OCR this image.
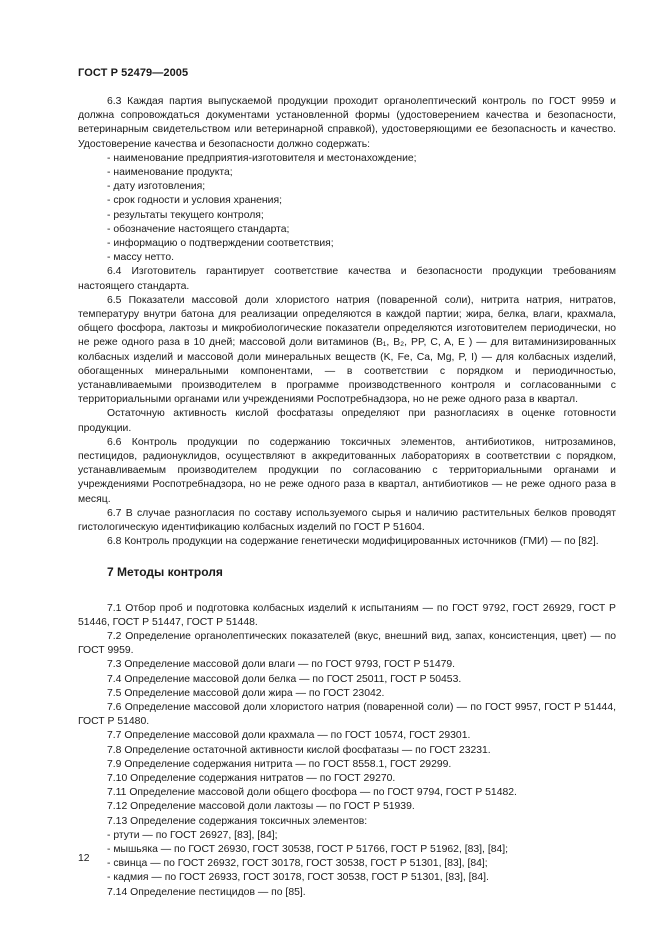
ГОСТ Р 52479—2005
6.3 Каждая партия выпускаемой продукции проходит органолептический контроль по ГОСТ 9959 и должна сопровождаться документами установленной формы (удостоверением качества и безопасности, ветеринарным свидетельством или ветеринарной справкой), удостоверяющими ее безопасность и качество. Удостоверение качества и безопасности должно содержать:
- наименование предприятия-изготовителя и местонахождение;
- наименование продукта;
- дату изготовления;
- срок годности и условия хранения;
- результаты текущего контроля;
- обозначение настоящего стандарта;
- информацию о подтверждении соответствия;
- массу нетто.
6.4 Изготовитель гарантирует соответствие качества и безопасности продукции требованиям настоящего стандарта.
6.5 Показатели массовой доли хлористого натрия (поваренной соли), нитрита натрия, нитратов, температуру внутри батона для реализации определяются в каждой партии; жира, белка, влаги, крахмала, общего фосфора, лактозы и микробиологические показатели определяются изготовителем периодически, но не реже одного раза в 10 дней; массовой доли витаминов (B₁, B₂, PP, C, A, E ) — для витаминизированных колбасных изделий и массовой доли минеральных веществ (K, Fe, Ca, Mg, P, I) — для колбасных изделий, обогащенных минеральными компонентами, — в соответствии с порядком и периодичностью, устанавливаемыми производителем в программе производственного контроля и согласованными с территориальными органами или учреждениями Роспотребнадзора, но не реже одного раза в квартал.
Остаточную активность кислой фосфатазы определяют при разногласиях в оценке готовности продукции.
6.6 Контроль продукции по содержанию токсичных элементов, антибиотиков, нитрозаминов, пестицидов, радионуклидов, осуществляют в аккредитованных лабораториях в соответствии с порядком, устанавливаемым производителем продукции по согласованию с территориальными органами и учреждениями Роспотребнадзора, но не реже одного раза в квартал, антибиотиков — не реже одного раза в месяц.
6.7 В случае разногласия по составу используемого сырья и наличию растительных белков проводят гистологическую идентификацию колбасных изделий по ГОСТ Р 51604.
6.8 Контроль продукции на содержание генетически модифицированных источников (ГМИ) — по [82].
7 Методы контроля
7.1 Отбор проб и подготовка колбасных изделий к испытаниям — по ГОСТ 9792, ГОСТ 26929, ГОСТ Р 51446, ГОСТ Р 51447, ГОСТ Р 51448.
7.2 Определение органолептических показателей (вкус, внешний вид, запах, консистенция, цвет) — по ГОСТ 9959.
7.3 Определение массовой доли влаги — по ГОСТ 9793, ГОСТ Р 51479.
7.4 Определение массовой доли белка — по ГОСТ 25011, ГОСТ Р 50453.
7.5 Определение массовой доли жира — по ГОСТ 23042.
7.6 Определение массовой доли хлористого натрия (поваренной соли) — по ГОСТ 9957, ГОСТ Р 51444, ГОСТ Р 51480.
7.7 Определение массовой доли крахмала — по ГОСТ 10574, ГОСТ 29301.
7.8 Определение остаточной активности кислой фосфатазы — по ГОСТ 23231.
7.9 Определение содержания нитрита — по ГОСТ 8558.1, ГОСТ 29299.
7.10 Определение содержания нитратов — по ГОСТ 29270.
7.11 Определение массовой доли общего фосфора — по ГОСТ 9794, ГОСТ Р 51482.
7.12 Определение массовой доли лактозы — по ГОСТ Р 51939.
7.13 Определение содержания токсичных элементов:
- ртути — по ГОСТ 26927, [83], [84];
- мышьяка — по ГОСТ 26930, ГОСТ 30538, ГОСТ Р 51766, ГОСТ Р 51962, [83], [84];
- свинца — по ГОСТ 26932, ГОСТ 30178, ГОСТ 30538, ГОСТ Р 51301, [83], [84];
- кадмия — по ГОСТ 26933, ГОСТ 30178, ГОСТ 30538, ГОСТ Р 51301, [83], [84].
7.14 Определение пестицидов — по [85].
12
